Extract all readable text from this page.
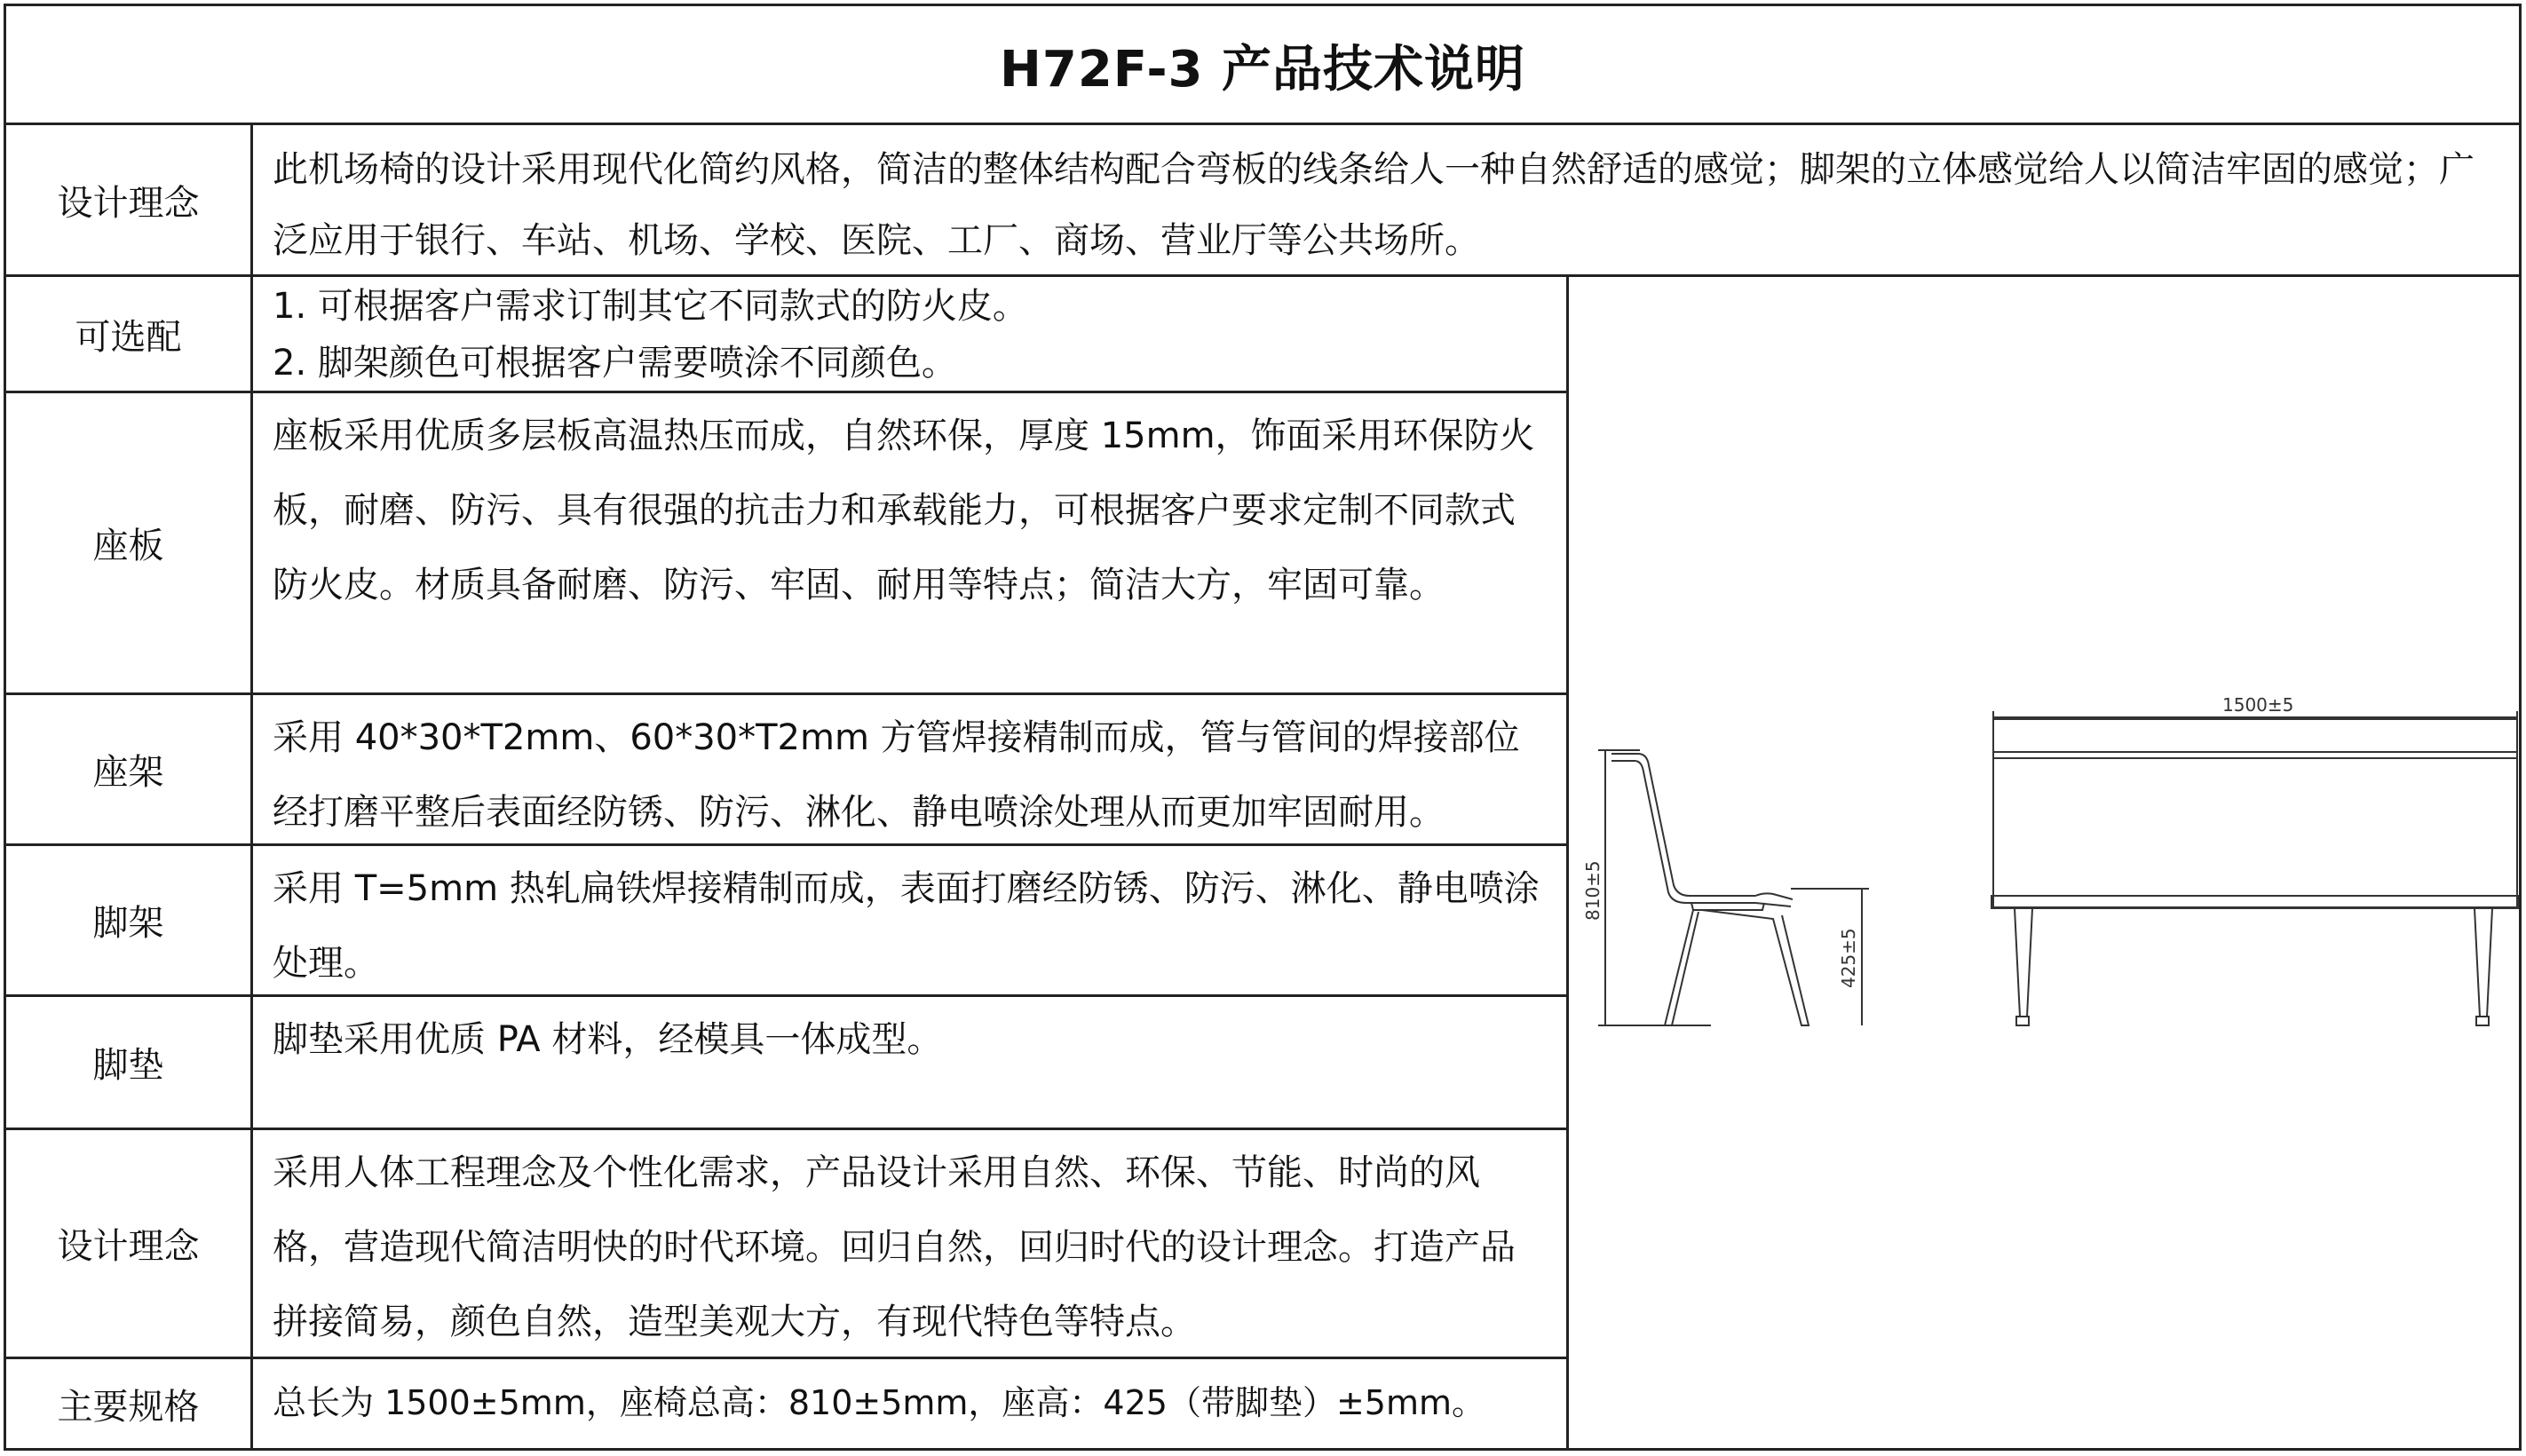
H72F-3 产品技术说明
设计理念
此机场椅的设计采用现代化简约风格，简洁的整体结构配合弯板的线条给人一种自然舒适的感觉；脚架的立体感觉给人以简洁牢固的感觉；广泛应用于银行、车站、机场、学校、医院、工厂、商场、营业厅等公共场所。
可选配
1. 可根据客户需求订制其它不同款式的防火皮。
2. 脚架颜色可根据客户需要喷涂不同颜色。
座板
座板采用优质多层板高温热压而成，自然环保，厚度 15mm，饰面采用环保防火板，耐磨、防污、具有很强的抗击力和承载能力，可根据客户要求定制不同款式防火皮。材质具备耐磨、防污、牢固、耐用等特点；简洁大方，牢固可靠。
座架
采用 40*30*T2mm、60*30*T2mm 方管焊接精制而成，管与管间的焊接部位经打磨平整后表面经防锈、防污、淋化、静电喷涂处理从而更加牢固耐用。
脚架
采用 T=5mm 热轧扁铁焊接精制而成，表面打磨经防锈、防污、淋化、静电喷涂处理。
脚垫
脚垫采用优质 PA 材料，经模具一体成型。
设计理念
采用人体工程理念及个性化需求，产品设计采用自然、环保、节能、时尚的风格，营造现代简洁明快的时代环境。回归自然，回归时代的设计理念。打造产品拼接简易，颜色自然，造型美观大方，有现代特色等特点。
主要规格	总长为 1500±5mm，座椅总高：810±5mm，座高：425（带脚垫）±5mm。
810±5
425±5
1500±5
